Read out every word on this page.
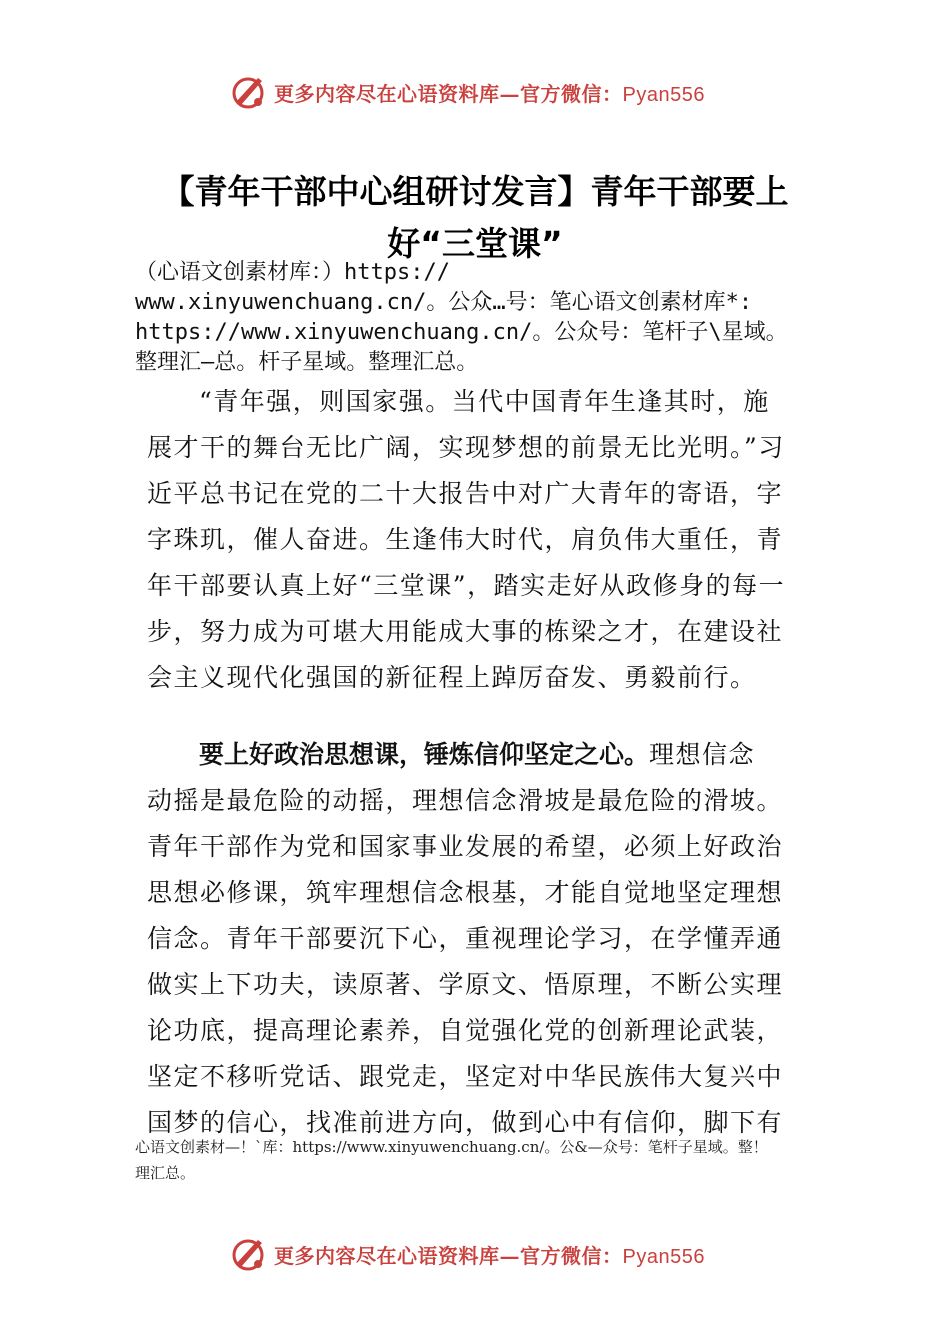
更多内容尽在心语资料库—官方微信：Pyan556
【青年干部中心组研讨发言】青年干部要上
好“三堂课”
（心语文创素材库：）https://
www.xinyuwenchuang.cn/。公众…号：笔心语文创素材库*:
https://www.xinyuwenchuang.cn/。公众号：笔杆子\星域。
整理汇—总。杆子星域。整理汇总。
“青年强，则国家强。当代中国青年生逢其时，施
展才干的舞台无比广阔，实现梦想的前景无比光明。”习
近平总书记在党的二十大报告中对广大青年的寄语，字
字珠玑，催人奋进。生逢伟大时代，肩负伟大重任，青
年干部要认真上好“三堂课”，踏实走好从政修身的每一
步，努力成为可堪大用能成大事的栋梁之才，在建设社
会主义现代化强国的新征程上踔厉奋发、勇毅前行。
要上好政治思想课，锤炼信仰坚定之心。理想信念
动摇是最危险的动摇，理想信念滑坡是最危险的滑坡。
青年干部作为党和国家事业发展的希望，必须上好政治
思想必修课，筑牢理想信念根基，才能自觉地坚定理想
信念。青年干部要沉下心，重视理论学习，在学懂弄通
做实上下功夫，读原著、学原文、悟原理，不断公实理
论功底，提高理论素养，自觉强化党的创新理论武装，
坚定不移听党话、跟党走，坚定对中华民族伟大复兴中
国梦的信心，找准前进方向，做到心中有信仰，脚下有
心语文创素材—！`库：https://www.xinyuwenchuang.cn/。公&—众号：笔杆子星域。整！
理汇总。
更多内容尽在心语资料库—官方微信：Pyan556
